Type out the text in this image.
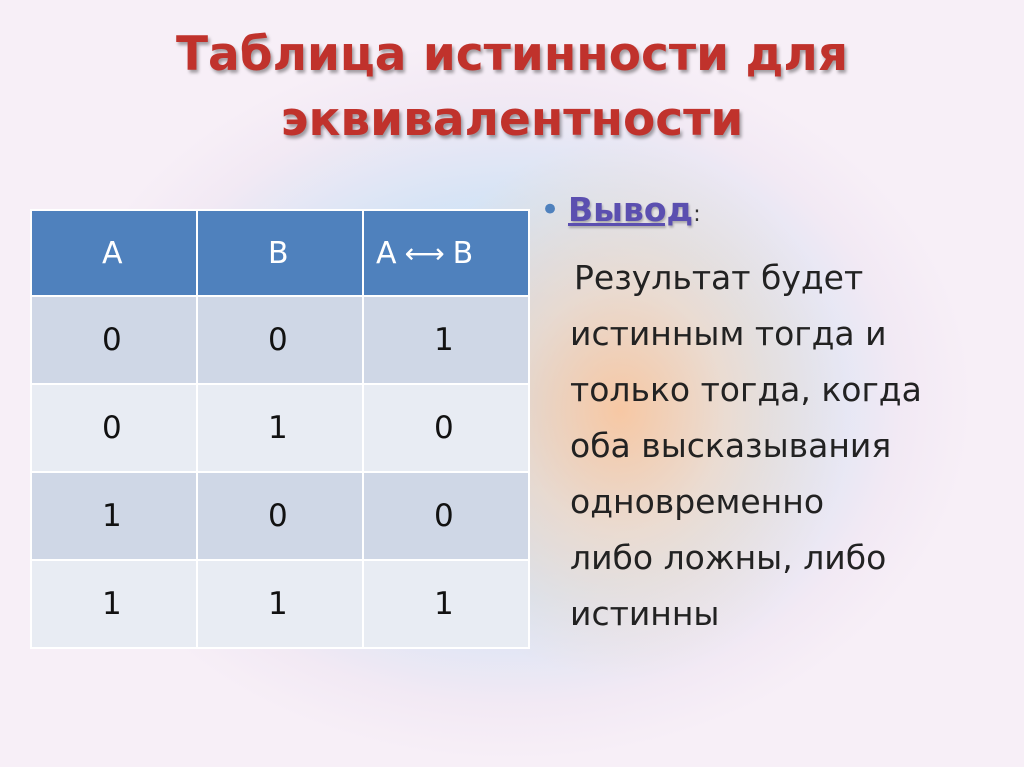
Таблица истинности для
эквивалентности
A	B	A ⟷ B
0	0	1
0	1	0
1	0	0
1	1	1
• Вывод :
Результат будет
истинным тогда и
только тогда, когда
оба высказывания
одновременно
либо ложны, либо
истинны
